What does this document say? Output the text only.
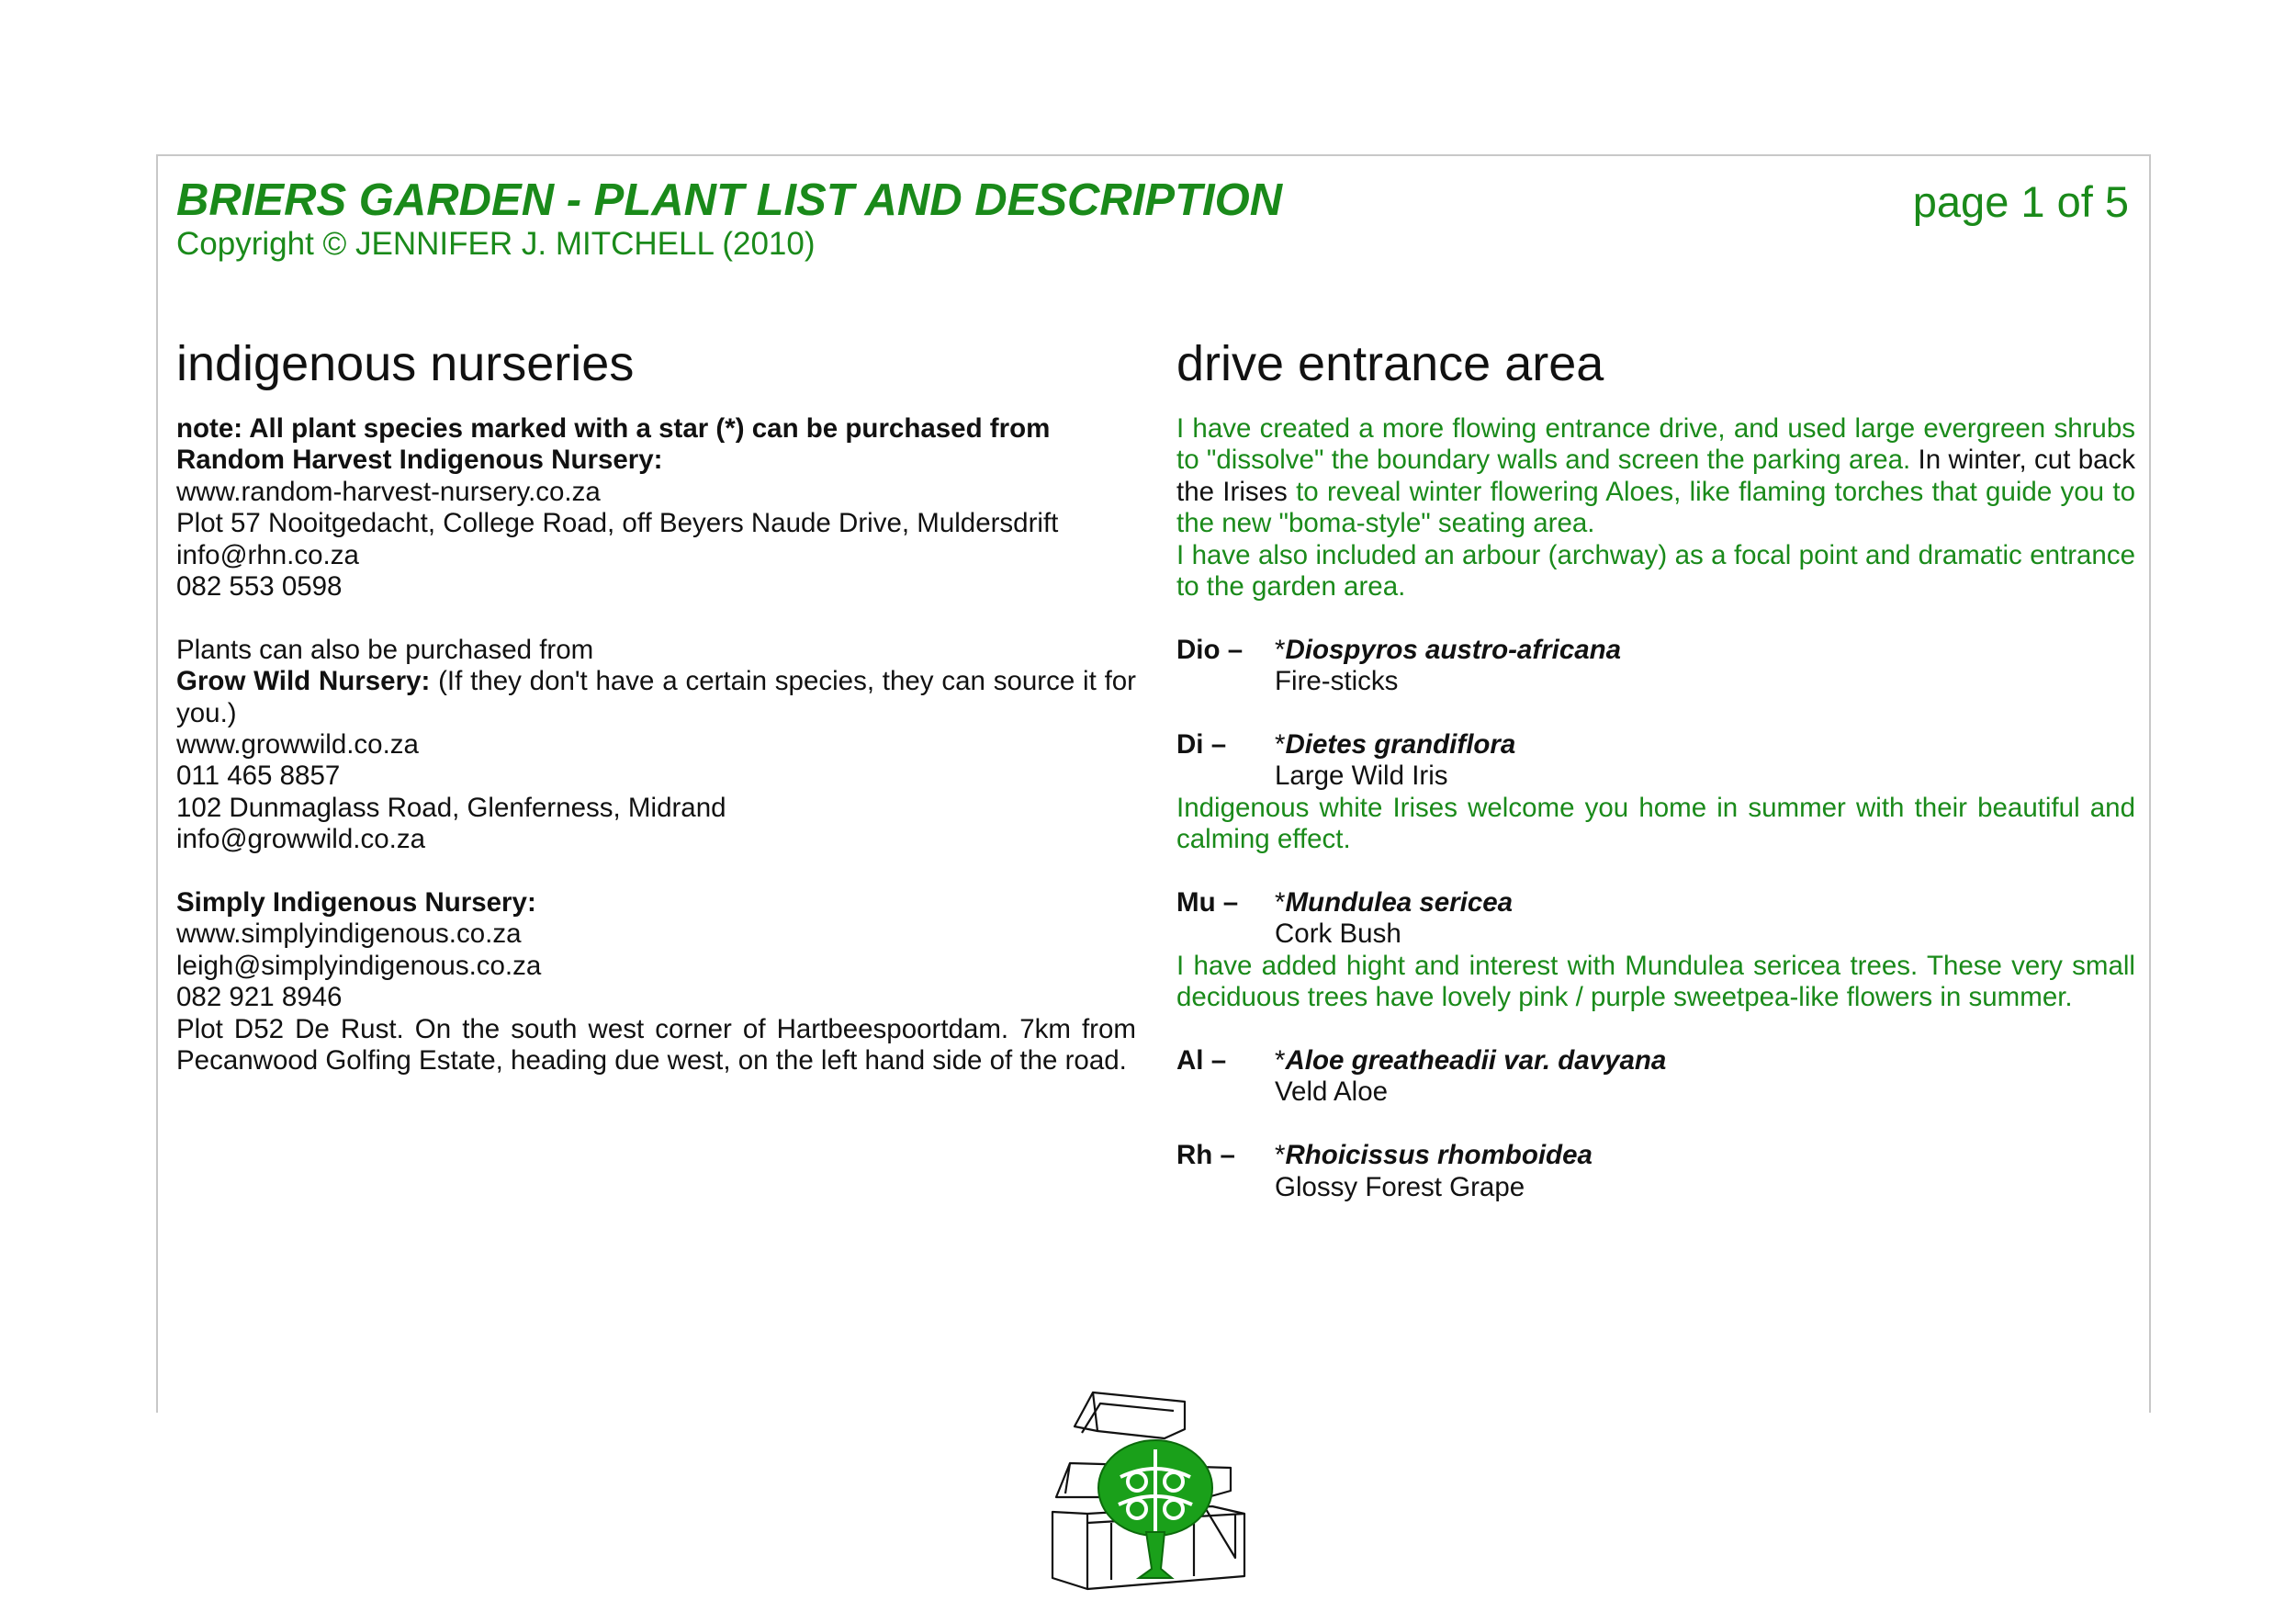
BRIERS GARDEN - PLANT LIST AND DESCRIPTION
Copyright © JENNIFER J. MITCHELL (2010)
page 1 of 5
indigenous nurseries
note: All plant species marked with a star (*) can be purchased from
Random Harvest Indigenous Nursery:
www.random-harvest-nursery.co.za
Plot 57 Nooitgedacht, College Road, off Beyers Naude Drive, Muldersdrift
info@rhn.co.za
082 553 0598
Plants can also be purchased from
Grow Wild Nursery: (If they don't have a certain species, they can source it for you.)
www.growwild.co.za
011 465 8857
102 Dunmaglass Road, Glenferness, Midrand
info@growwild.co.za
Simply Indigenous Nursery:
www.simplyindigenous.co.za
leigh@simplyindigenous.co.za
082 921 8946
Plot D52 De Rust. On the south west corner of Hartbeespoortdam. 7km from Pecanwood Golfing Estate, heading due west, on the left hand side of the road.
drive entrance area
I have created a more flowing entrance drive, and used large evergreen shrubs to "dissolve" the boundary walls and screen the parking area. In winter, cut back the Irises to reveal winter flowering Aloes, like flaming torches that guide you to the new "boma-style" seating area.
I have also included an arbour (archway) as a focal point and dramatic entrance to the garden area.
Dio –	*Diospyros austro-africana
Fire-sticks
Di –	*Dietes grandiflora
Large Wild Iris
Indigenous white Irises welcome you home in summer with their beautiful and calming effect.
Mu –	*Mundulea sericea
Cork Bush
I have added hight and interest with Mundulea sericea trees. These very small deciduous trees have lovely pink / purple sweetpea-like flowers in summer.
Al –	*Aloe greatheadii var. davyana
Veld Aloe
Rh –	*Rhoicissus rhomboidea
Glossy Forest Grape
